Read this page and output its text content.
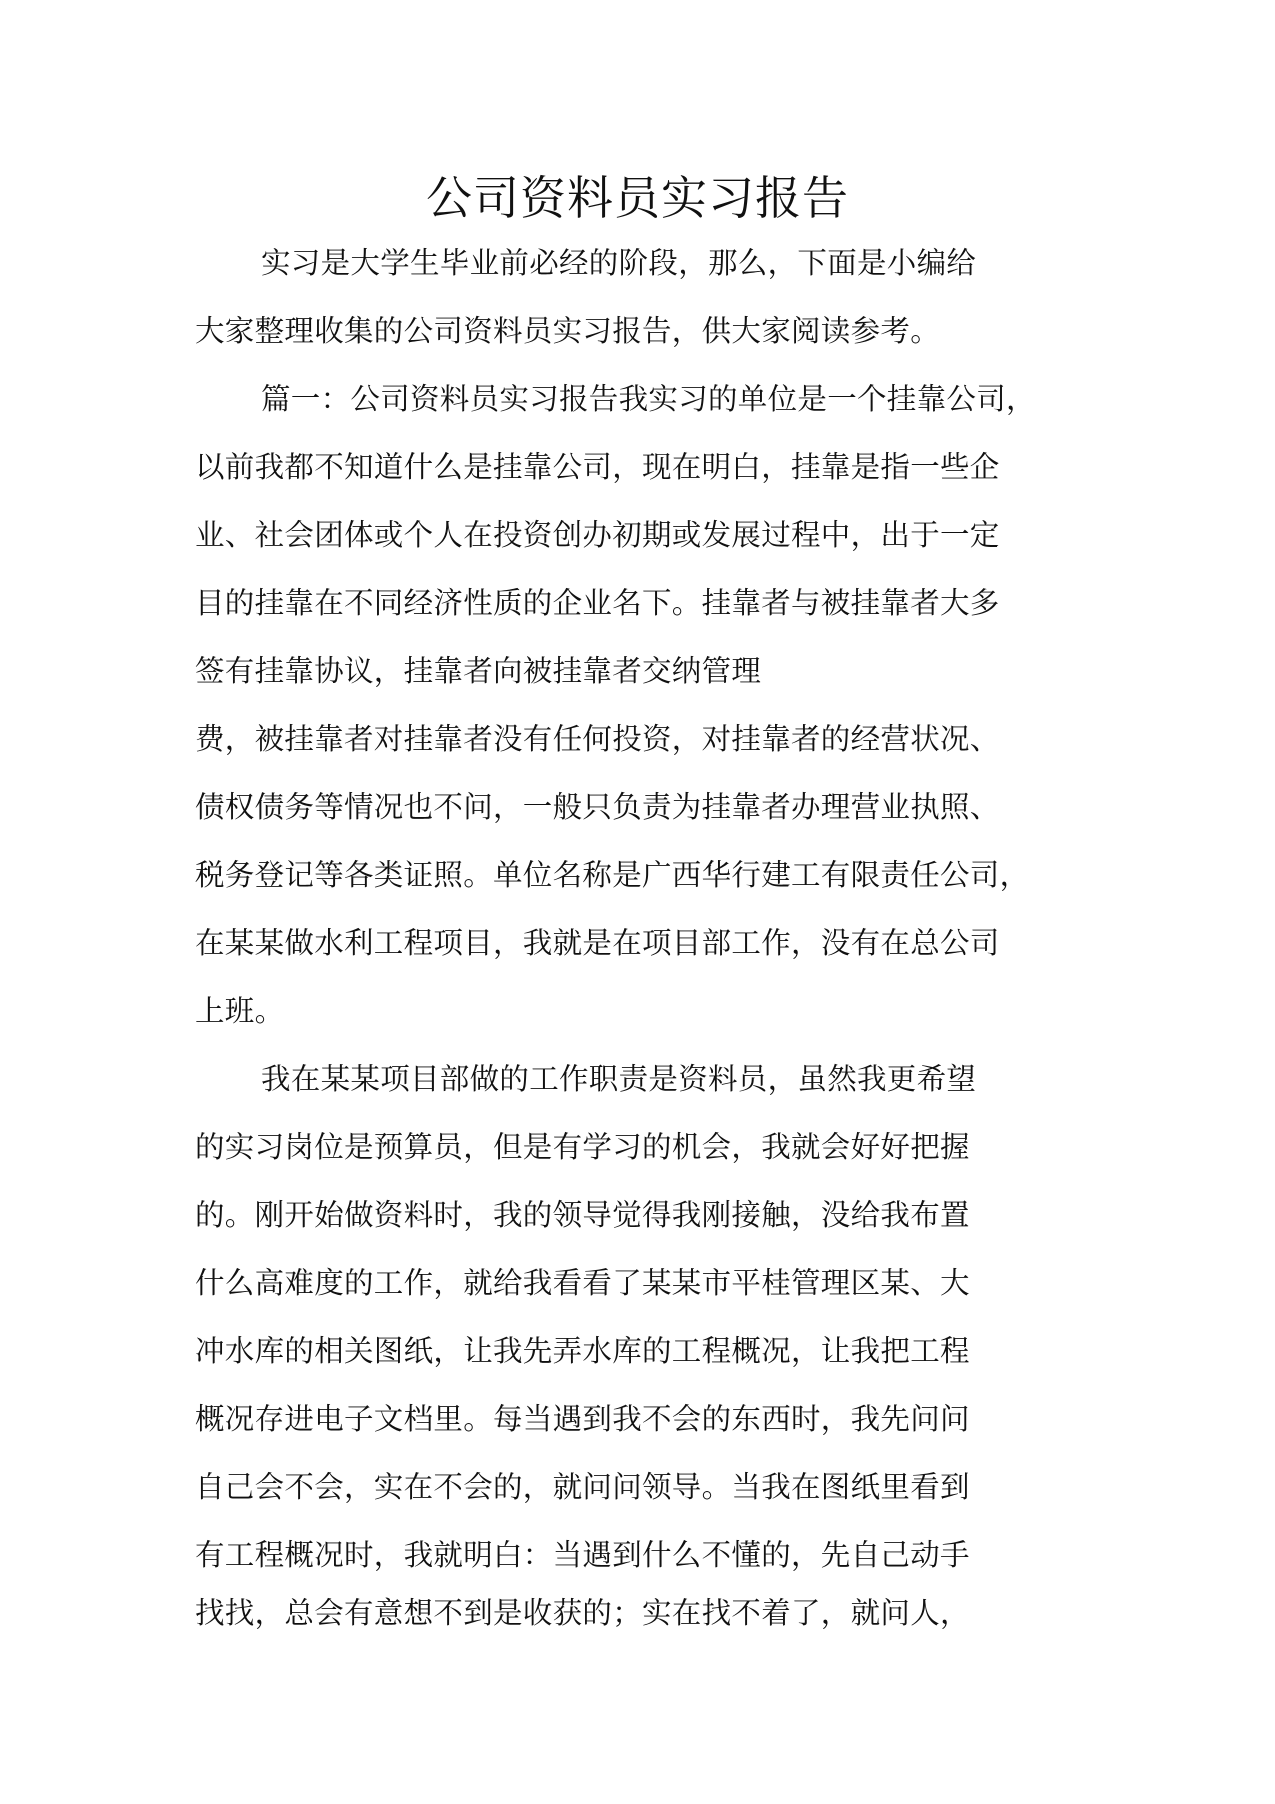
公司资料员实习报告
实习是大学生毕业前必经的阶段，那么，下面是小编给
大家整理收集的公司资料员实习报告，供大家阅读参考。
篇一：公司资料员实习报告我实习的单位是一个挂靠公司，
以前我都不知道什么是挂靠公司，现在明白，挂靠是指一些企
业、社会团体或个人在投资创办初期或发展过程中，出于一定
目的挂靠在不同经济性质的企业名下。挂靠者与被挂靠者大多
签有挂靠协议，挂靠者向被挂靠者交纳管理
费，被挂靠者对挂靠者没有任何投资，对挂靠者的经营状况、
债权债务等情况也不问，一般只负责为挂靠者办理营业执照、
税务登记等各类证照。单位名称是广西华行建工有限责任公司，
在某某做水利工程项目，我就是在项目部工作，没有在总公司
上班。
我在某某项目部做的工作职责是资料员，虽然我更希望
的实习岗位是预算员，但是有学习的机会，我就会好好把握
的。刚开始做资料时，我的领导觉得我刚接触，没给我布置
什么高难度的工作，就给我看看了某某市平桂管理区某、大
冲水库的相关图纸，让我先弄水库的工程概况，让我把工程
概况存进电子文档里。每当遇到我不会的东西时，我先问问
自己会不会，实在不会的，就问问领导。当我在图纸里看到
有工程概况时，我就明白：当遇到什么不懂的，先自己动手
找找，总会有意想不到是收获的；实在找不着了，就问人，
